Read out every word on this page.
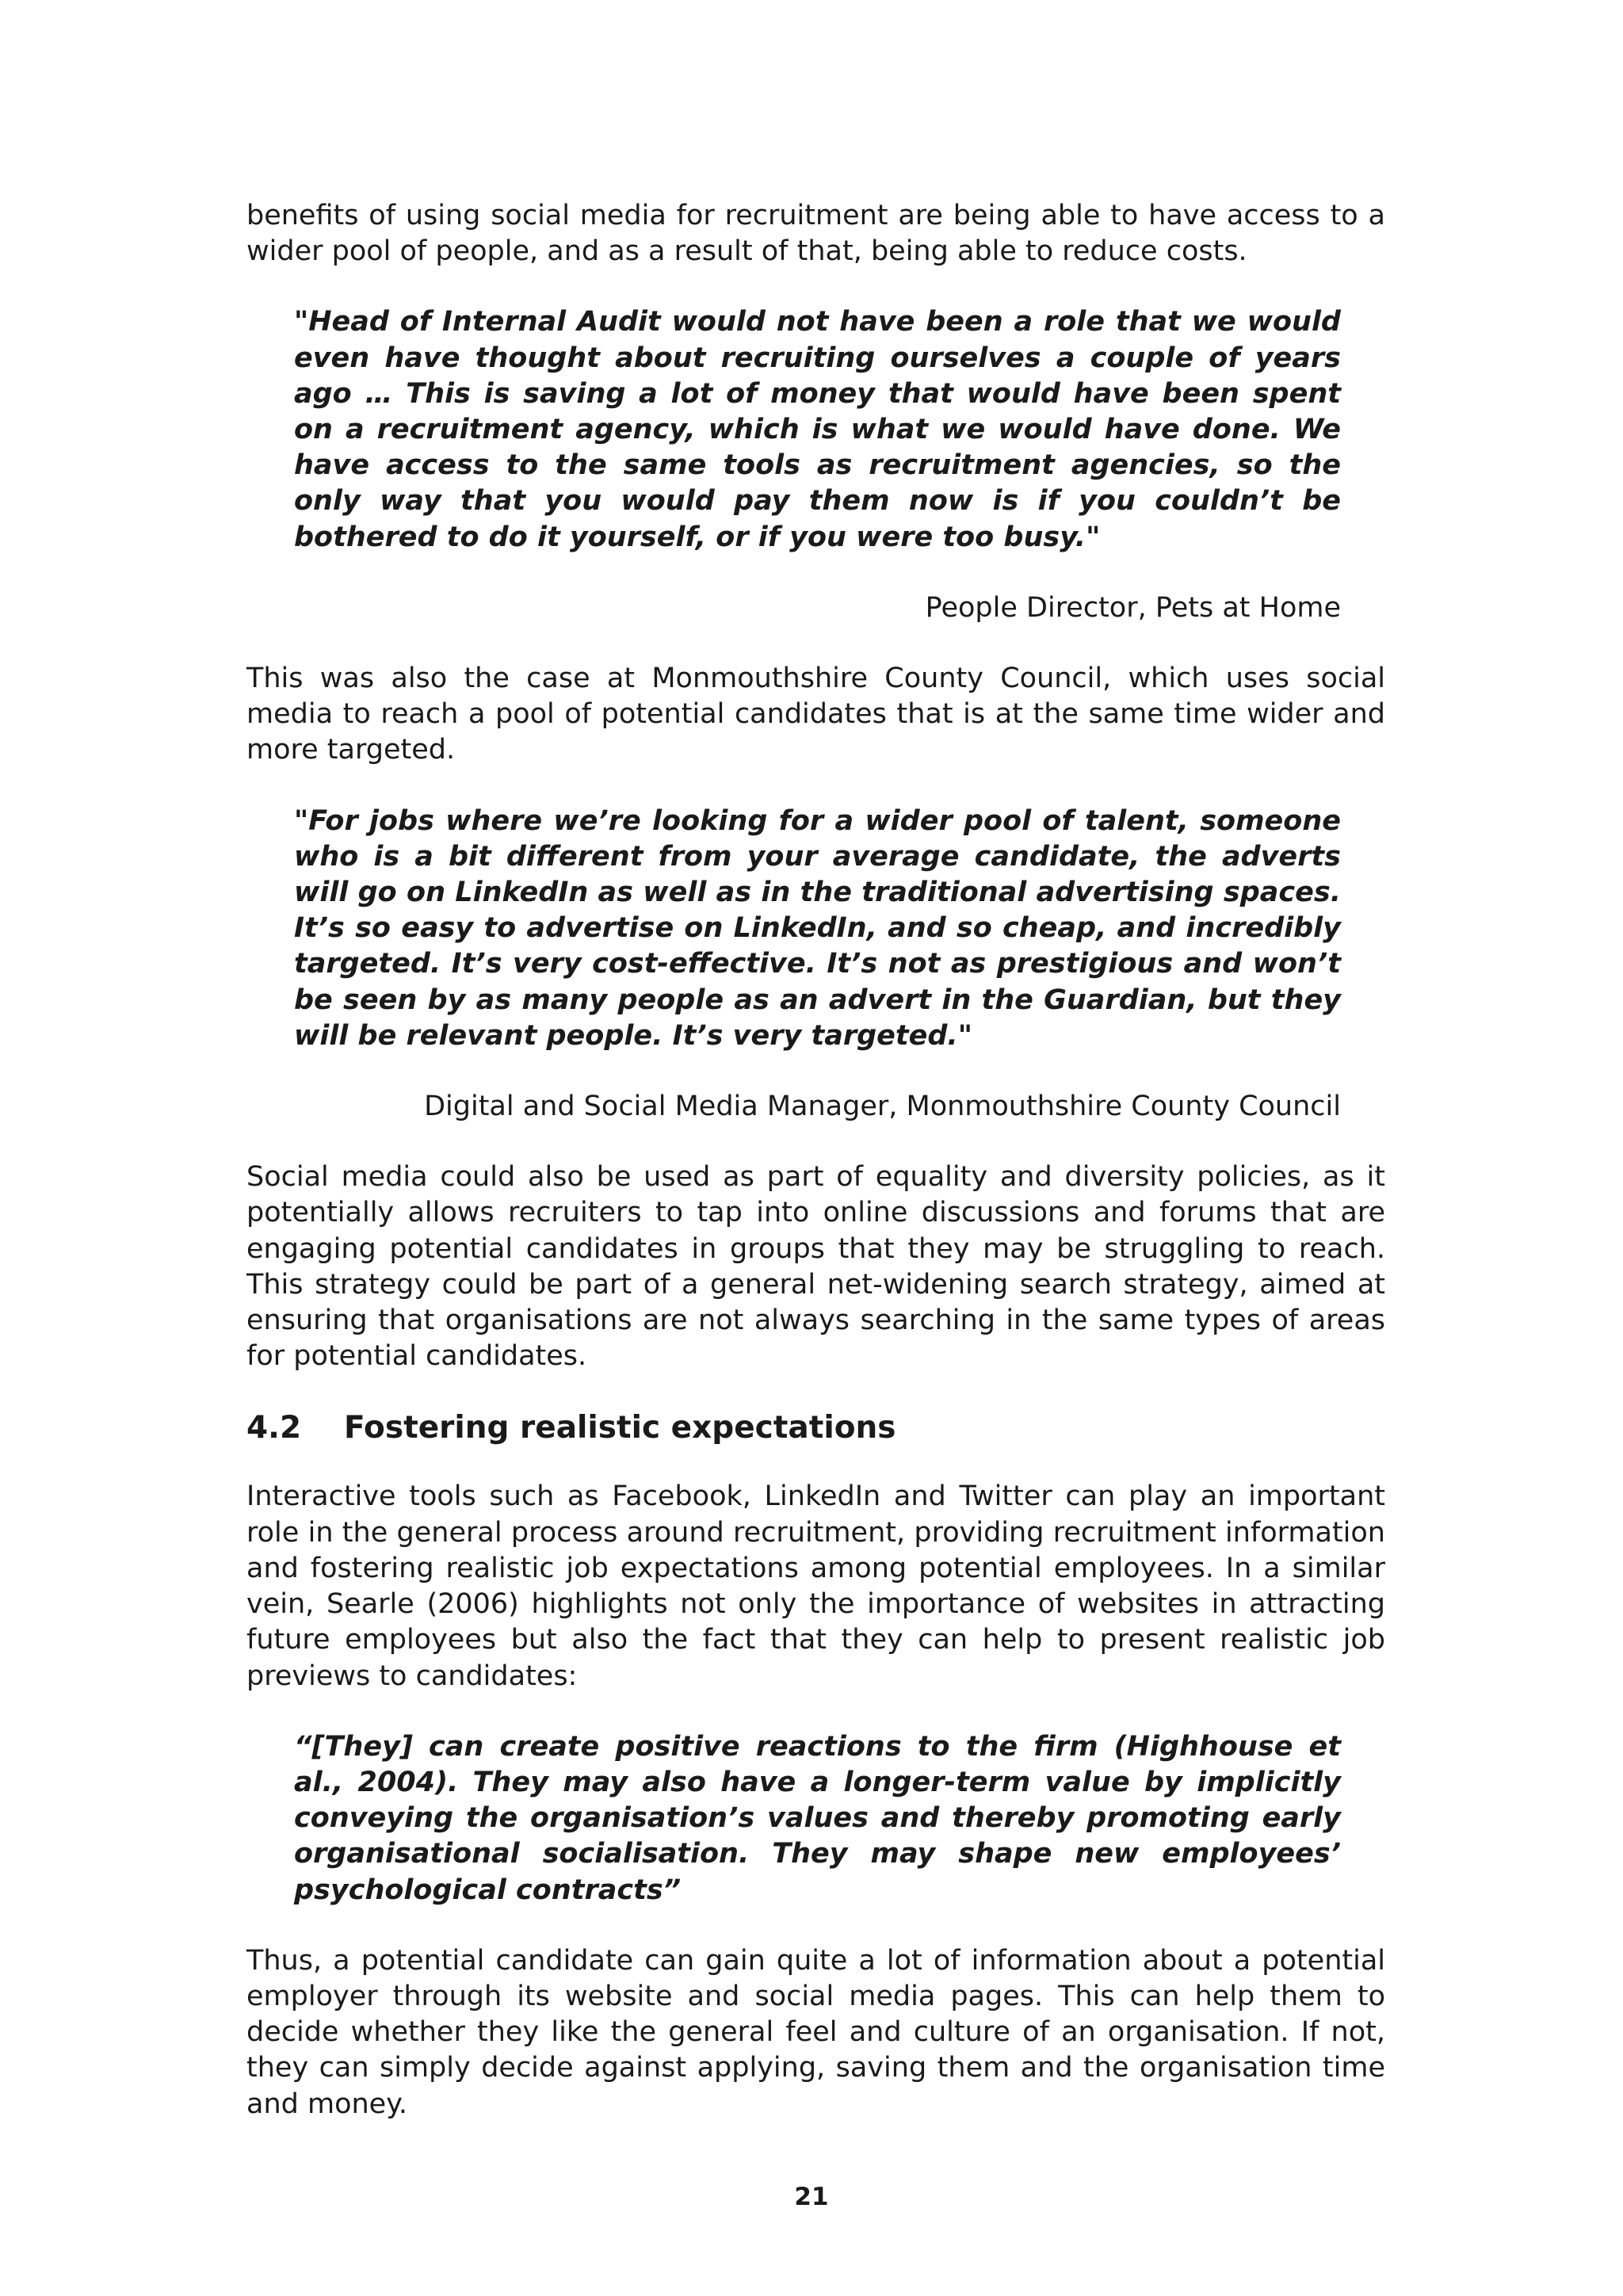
benefits of using social media for recruitment are being able to have access to a wider pool of people, and as a result of that, being able to reduce costs.

"Head of Internal Audit would not have been a role that we would even have thought about recruiting ourselves a couple of years ago … This is saving a lot of money that would have been spent on a recruitment agency, which is what we would have done. We have access to the same tools as recruitment agencies, so the only way that you would pay them now is if you couldn’t be bothered to do it yourself, or if you were too busy."

People Director, Pets at Home

This was also the case at Monmouthshire County Council, which uses social media to reach a pool of potential candidates that is at the same time wider and more targeted.

"For jobs where we’re looking for a wider pool of talent, someone who is a bit different from your average candidate, the adverts will go on LinkedIn as well as in the traditional advertising spaces. It’s so easy to advertise on LinkedIn, and so cheap, and incredibly targeted. It’s very cost-effective. It’s not as prestigious and won’t be seen by as many people as an advert in the Guardian, but they will be relevant people. It’s very targeted."

Digital and Social Media Manager, Monmouthshire County Council

Social media could also be used as part of equality and diversity policies, as it potentially allows recruiters to tap into online discussions and forums that are engaging potential candidates in groups that they may be struggling to reach. This strategy could be part of a general net-widening search strategy, aimed at ensuring that organisations are not always searching in the same types of areas for potential candidates.

4.2	Fostering realistic expectations

Interactive tools such as Facebook, LinkedIn and Twitter can play an important role in the general process around recruitment, providing recruitment information and fostering realistic job expectations among potential employees. In a similar vein, Searle (2006) highlights not only the importance of websites in attracting future employees but also the fact that they can help to present realistic job previews to candidates:

“[They] can create positive reactions to the firm (Highhouse et al., 2004). They may also have a longer-term value by implicitly conveying the organisation’s values and thereby promoting early organisational socialisation. They may shape new employees’ psychological contracts”

Thus, a potential candidate can gain quite a lot of information about a potential employer through its website and social media pages. This can help them to decide whether they like the general feel and culture of an organisation. If not, they can simply decide against applying, saving them and the organisation time and money.

21
